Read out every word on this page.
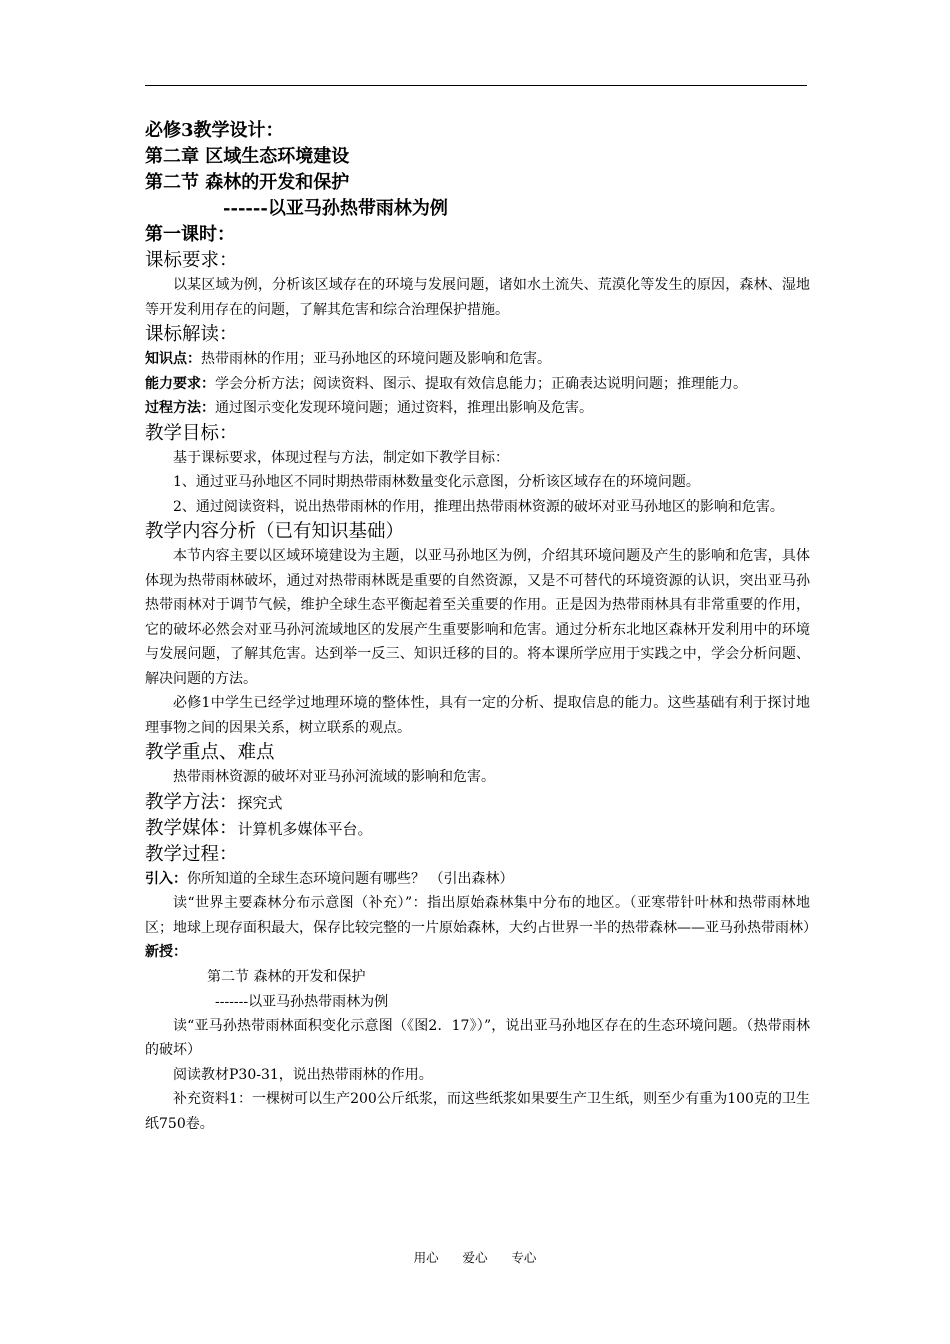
必修3教学设计：
第二章 区域生态环境建设
第二节 森林的开发和保护
------以亚马孙热带雨林为例
第一课时：
课标要求：
以某区域为例，分析该区域存在的环境与发展问题，诸如水土流失、荒漠化等发生的原因，森林、湿地等开发利用存在的问题，了解其危害和综合治理保护措施。
课标解读：
知识点：热带雨林的作用；亚马孙地区的环境问题及影响和危害。
能力要求：学会分析方法；阅读资料、图示、提取有效信息能力；正确表达说明问题；推理能力。
过程方法：通过图示变化发现环境问题；通过资料，推理出影响及危害。
教学目标：
基于课标要求，体现过程与方法，制定如下教学目标：
1、通过亚马孙地区不同时期热带雨林数量变化示意图，分析该区域存在的环境问题。
2、通过阅读资料，说出热带雨林的作用，推理出热带雨林资源的破坏对亚马孙地区的影响和危害。
教学内容分析（已有知识基础）
本节内容主要以区域环境建设为主题，以亚马孙地区为例，介绍其环境问题及产生的影响和危害，具体体现为热带雨林破坏，通过对热带雨林既是重要的自然资源，又是不可替代的环境资源的认识，突出亚马孙热带雨林对于调节气候，维护全球生态平衡起着至关重要的作用。正是因为热带雨林具有非常重要的作用，它的破坏必然会对亚马孙河流域地区的发展产生重要影响和危害。通过分析东北地区森林开发利用中的环境与发展问题，了解其危害。达到举一反三、知识迁移的目的。将本课所学应用于实践之中，学会分析问题、解决问题的方法。
必修1中学生已经学过地理环境的整体性，具有一定的分析、提取信息的能力。这些基础有利于探讨地理事物之间的因果关系，树立联系的观点。
教学重点、难点
热带雨林资源的破坏对亚马孙河流域的影响和危害。
教学方法：探究式
教学媒体：计算机多媒体平台。
教学过程：
引入：你所知道的全球生态环境问题有哪些？ （引出森林）
读“世界主要森林分布示意图（补充）”：指出原始森林集中分布的地区。（亚寒带针叶林和热带雨林地区；地球上现存面积最大，保存比较完整的一片原始森林，大约占世界一半的热带森林——亚马孙热带雨林）
新授：
第二节 森林的开发和保护
-------以亚马孙热带雨林为例
读“亚马孙热带雨林面积变化示意图（《图2．17》）”，说出亚马孙地区存在的生态环境问题。（热带雨林的破坏）
阅读教材P30-31，说出热带雨林的作用。
补充资料1：一棵树可以生产200公斤纸浆，而这些纸浆如果要生产卫生纸，则至少有重为100克的卫生纸750卷。
用心      爱心      专心
